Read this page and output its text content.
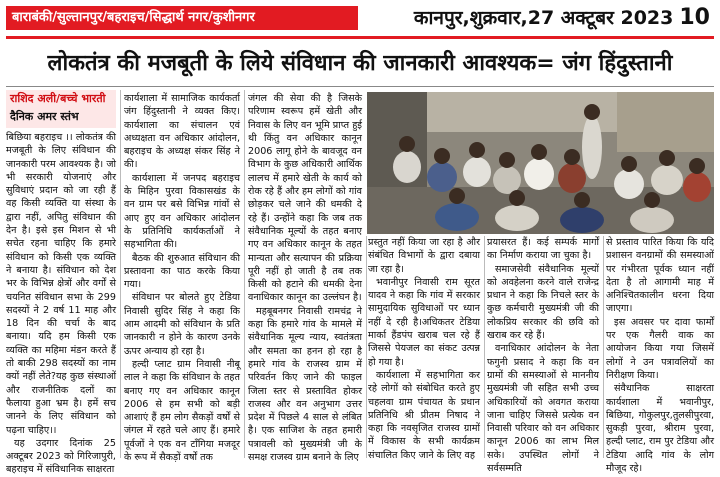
बाराबंकी/सुल्तानपुर/बहराइच/सिद्धार्थ नगर/कुशीनगर	कानपुर,शुक्रवार,27 अक्टूबर 2023 10
लोकतंत्र की मजबूती के लिये संविधान की जानकारी आवश्यक= जंग हिंदुस्तानी
राशिद अली/बच्चे भारती
दैनिक अमर स्तंभ

बिछिया बहराइच ।। लोकतंत्र की मजबूती के लिए संविधान की जानकारी परम आवश्यक है। जो भी सरकारी योजनाएं और सुविधाएं प्रदान को जा रही हैं वह किसी व्यक्ति या संस्था के द्वारा नहीं, अपितु संविधान की देन है। इसे इस मिशन से भी सचेत रहना चाहिए कि हमारे संविधान को किसी एक व्यक्ति ने बनाया है। संविधान को देश भर के विभिन्न क्षेत्रों और वर्गों से चयनित संविधान सभा के 299 सदस्यों ने 2 वर्ष 11 माह और 18 दिन की चर्चा के बाद बनाया। यदि हम किसी एक व्यक्ति का महिमा मंडन करते हैं तो बाकी 298 सदस्यों का नाम क्यों नहीं लेते?यह कुछ संस्थाओं और राजनीतिक दलों का फैलाया हुआ भ्रम है। हमें सच जानने के लिए संविधान को पढ़ना चाहिए।।

यह उदगार दिनांक 25 अक्टूबर 2023 को गिरिजापुरी, बहराइच में संविधानिक साक्षरता

कार्यशाला में सामाजिक कार्यकर्ता जंग हिंदुस्तानी ने व्यक्त किए। कार्यशाला का संचालन एवं अध्यक्षता वन अधिकार आंदोलन, बहराइच के अध्यक्ष संकर सिंह ने की।

कार्यशाला में जनपद बहराइच के मिहिन पुरवा विकासखंड के वन ग्राम पर बसे विभिन्न गांवों से आए हुए वन अधिकार आंदोलन के प्रतिनिधि कार्यकर्ताओं ने सहभागिता की।

बैठक की शुरुआत संविधान की प्रस्तावना का पाठ करके किया गया।

संविधान पर बोलते हुए टेडिया निवासी सुदिर सिंह ने कहा कि आम आदमी को संविधान के प्रति जानकारी न होने के कारण उनके ऊपर अन्याय हो रहा है।

हल्दी प्लाट ग्राम निवासी नीबू लाल ने कहा कि संविधान के तहत बनाए गए वन अधिकार कानून 2006 से हम सभी को बड़ी आशाएं हैं हम लोग सैकड़ों वर्षों से जंगल में रहते चले आए हैं। हमारे पूर्वजों ने एक वन टाँगिया मजदूर के रूप में सैकड़ों वर्षों तक

जंगल की सेवा की है जिसके परिणाम स्वरूप हमें खेती और निवास के लिए वन भूमि प्राप्त हुई थी किंतु वन अधिकार कानून 2006 लागू होने के बावजूद वन विभाग के कुछ अधिकारी आर्थिक लालच में हमारे खेती के कार्य को रोक रहे हैं और हम लोगों को गांव छोड़कर चले जाने की धमकी दे रहे हैं। उन्होंने कहा कि जब तक संवैधानिक मूल्यों के तहत बनाए गए वन अधिकार कानून के तहत मान्यता और सत्यापन की प्रक्रिया पूरी नहीं हो जाती है तब तक किसी को हटाने की धमकी देना वनाधिकार कानून का उल्लंघन है।

महबूबनगर निवासी रामचंद्र ने कहा कि हमारे गांव के मामले में संवैधानिक मूल्य न्याय, स्वतंत्रता और समता का हनन हो रहा है हमारे गांव के राजस्व ग्राम में परिवर्तन किए जाने की फाइल जिला स्तर से प्रस्तावित होकर राजस्व और वन अनुभाग उत्तर प्रदेश में पिछले 4 साल से लंबित है। एक साजिश के तहत हमारी पत्रावली को मुख्यमंत्री जी के समक्ष राजस्व ग्राम बनाने के लिए

प्रस्तुत नहीं किया जा रहा है और संबंधित विभागों के द्वारा दबाया जा रहा है।

भवानीपुर निवासी राम सूरत यादव ने कहा कि गांव में सरकार सामुदायिक सुविधाओं पर ध्यान नहीं दे रही है।अधिकतर टेडिया मार्का हैंडपंप खराब चल रहे हैं जिससे पेयजल का संकट उत्पन्न हो गया है।

कार्यशाला में सहभागिता कर रहे लोगों को संबोधित करते हुए चहलवा ग्राम पंचायत के प्रधान प्रतिनिधि श्री प्रीतम निषाद ने कहा कि नवसृजित राजस्व ग्रामों में विकास के सभी कार्यक्रम संचालित किए जाने के लिए वह

प्रयासरत हैं। कई सम्पर्क मार्गों का निर्माण कराया जा चुका है।

समाजसेवी संवैधानिक मूल्यों को अवहेलना करने वाले राजेन्द्र प्रधान ने कहा कि निचले स्तर के कुछ कर्मचारी मुख्यमंत्री जी की लोकप्रिय सरकार की छवि को खराब कर रहे हैं।

वनाधिकार आंदोलन के नेता फगुनी प्रसाद ने कहा कि वन ग्रामों की समस्याओं से माननीय मुख्यमंत्री जी सहित सभी उच्च अधिकारियों को अवगत कराया जाना चाहिए जिससे प्रत्येक वन निवासी परिवार को वन अधिकार कानून 2006 का लाभ मिल सके। उपस्थित लोगों ने सर्वसम्मति

से प्रस्ताव पारित किया कि यदि प्रशासन वनग्रामों की समस्याओं पर गंभीरता पूर्वक ध्यान नहीं देता है तो आगामी माह में अनिश्चितकालीन धरना दिया जाएगा।

इस अवसर पर दावा फार्मों पर एक गैलरी वाक का आयोजन किया गया जिसमें लोगों ने उन पत्रावलियों का निरीक्षण किया।

संवैधानिक साक्षरता कार्यशाला में भवानीपुर, बिछिया, गोकुलपुर,तुलसीपुरवा, सुकड़ी पुरवा, श्रीराम पुरवा, हल्दी प्लाट, राम पुर टेडिया और टेडिया आदि गांव के लोग मौजूद रहे।
